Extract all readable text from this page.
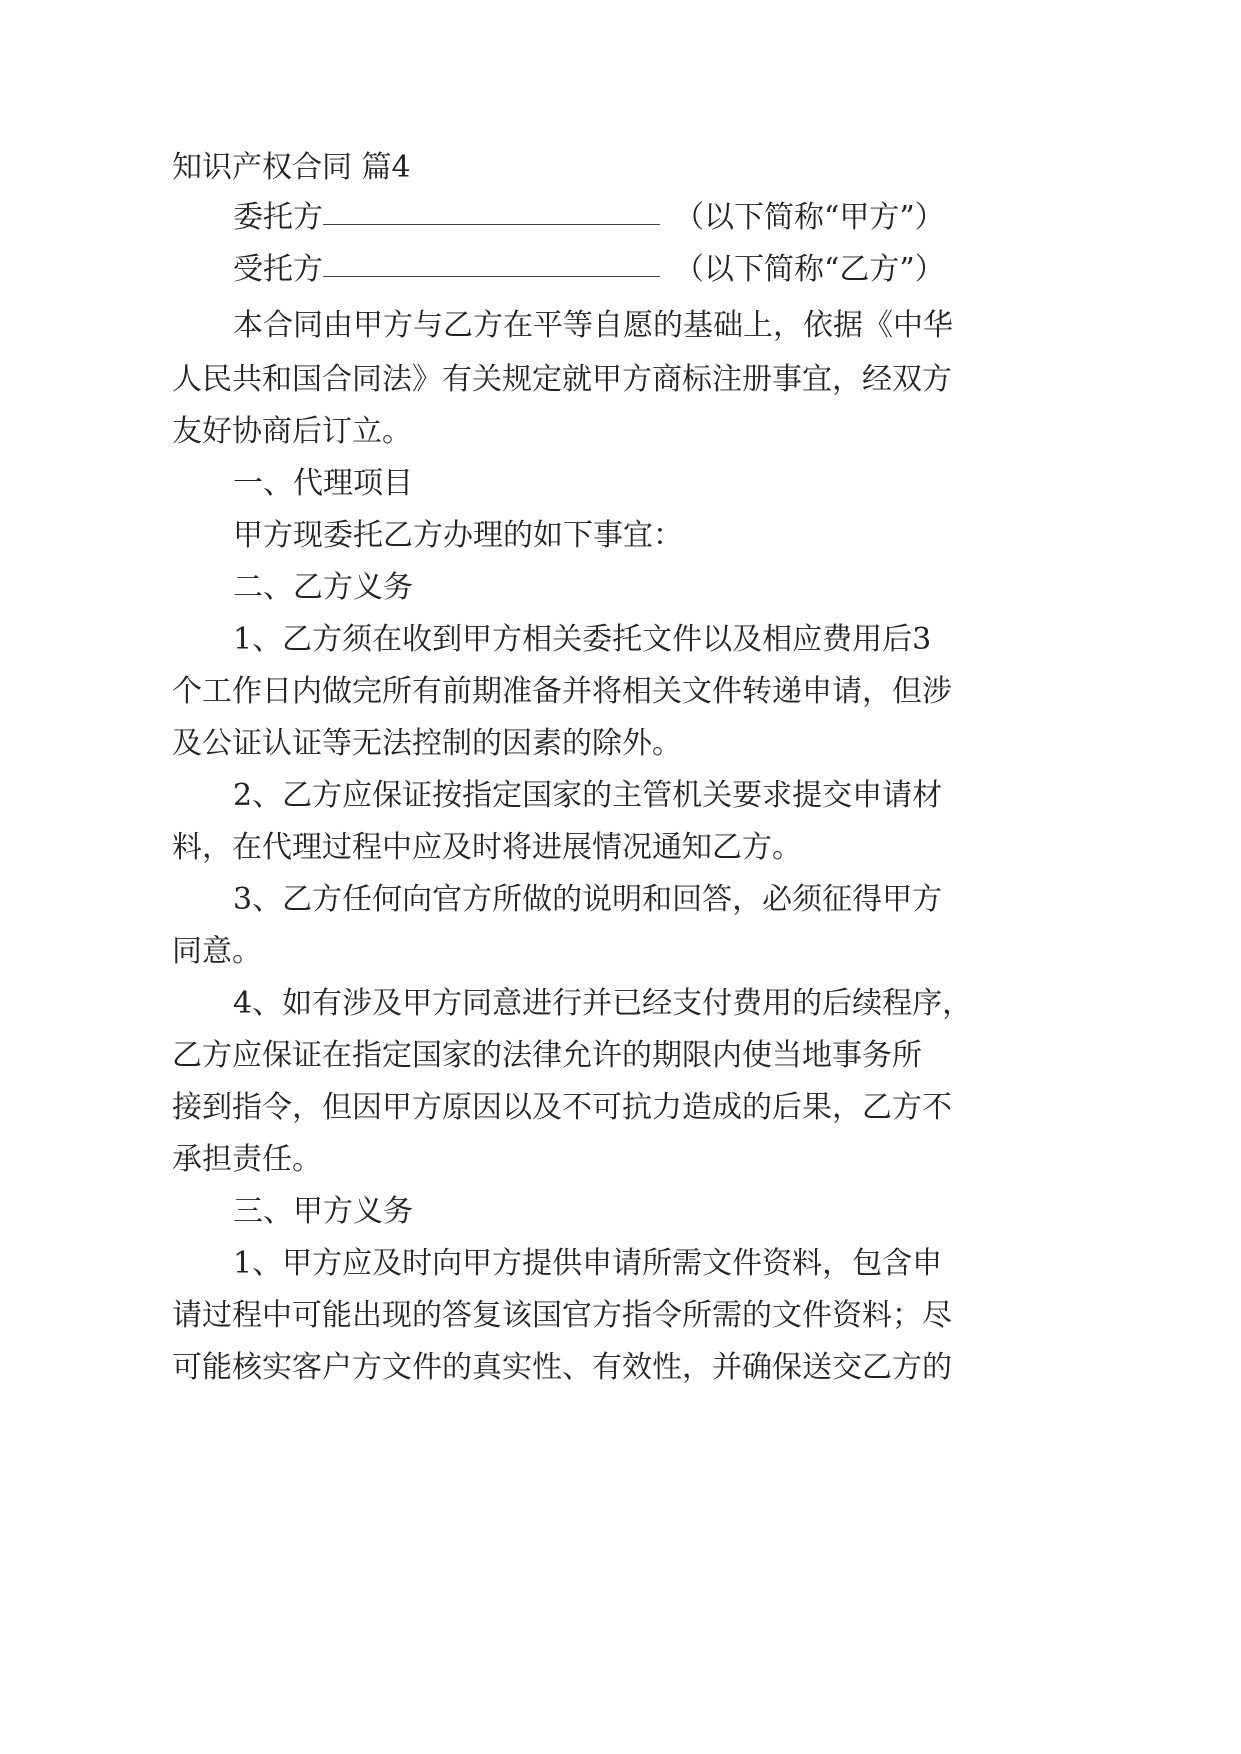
知识产权合同 篇4
委托方	（以下简称“甲方”）
受托方	（以下简称“乙方”）
本合同由甲方与乙方在平等自愿的基础上，依据《中华
人民共和国合同法》有关规定就甲方商标注册事宜，经双方
友好协商后订立。
一、代理项目
甲方现委托乙方办理的如下事宜：
二、乙方义务
1、乙方须在收到甲方相关委托文件以及相应费用后3
个工作日内做完所有前期准备并将相关文件转递申请，但涉
及公证认证等无法控制的因素的除外。
2、乙方应保证按指定国家的主管机关要求提交申请材
料，在代理过程中应及时将进展情况通知乙方。
3、乙方任何向官方所做的说明和回答，必须征得甲方
同意。
4、如有涉及甲方同意进行并已经支付费用的后续程序，
乙方应保证在指定国家的法律允许的期限内使当地事务所
接到指令，但因甲方原因以及不可抗力造成的后果，乙方不
承担责任。
三、甲方义务
1、甲方应及时向甲方提供申请所需文件资料，包含申
请过程中可能出现的答复该国官方指令所需的文件资料；尽
可能核实客户方文件的真实性、有效性，并确保送交乙方的
